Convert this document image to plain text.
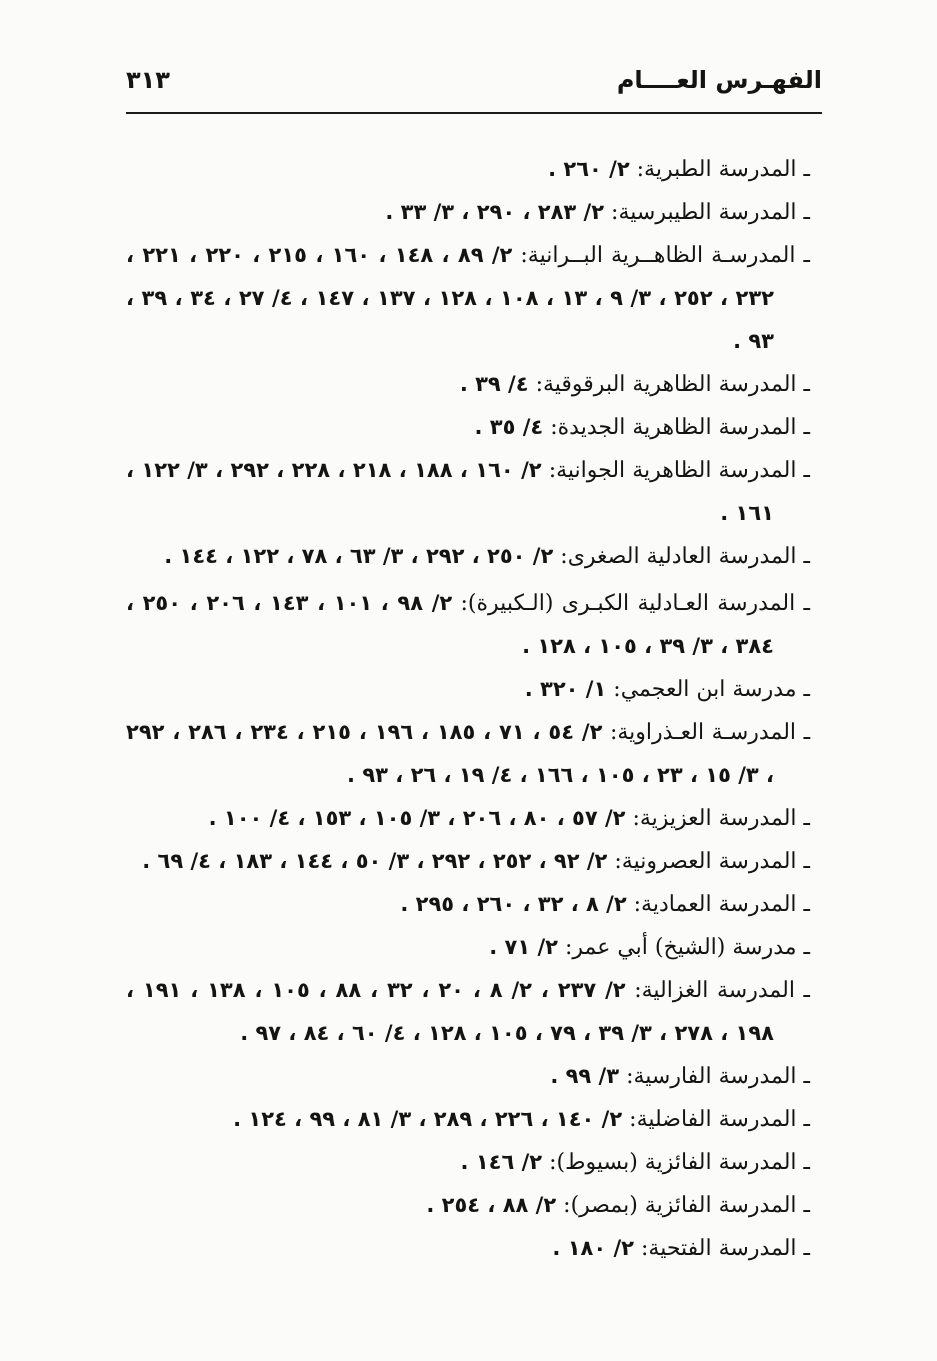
الفهـرس العــــام
٣١٣
ـ المدرسة الطبرية: ٢/ ٢٦٠ .
ـ المدرسة الطيبرسية: ٢/ ٢٨٣ ، ٢٩٠ ، ٣/ ٣٣ .
ـ المدرسـة الظاهــرية البــرانية: ٢/ ٨٩ ، ١٤٨ ، ١٦٠ ، ٢١٥ ، ٢٢٠ ، ٢٢١ ، ٢٣٢ ، ٢٥٢ ، ٣/ ٩ ، ١٣ ، ١٠٨ ، ١٢٨ ، ١٣٧ ، ١٤٧ ، ٤/ ٢٧ ، ٣٤ ، ٣٩ ، ٩٣ .
ـ المدرسة الظاهرية البرقوقية: ٤/ ٣٩ .
ـ المدرسة الظاهرية الجديدة: ٤/ ٣٥ .
ـ المدرسة الظاهرية الجوانية: ٢/ ١٦٠ ، ١٨٨ ، ٢١٨ ، ٢٢٨ ، ٢٩٢ ، ٣/ ١٢٢ ، ١٦١ .
ـ المدرسة العادلية الصغرى: ٢/ ٢٥٠ ، ٢٩٢ ، ٣/ ٦٣ ، ٧٨ ، ١٢٢ ، ١٤٤ .
ـ المدرسة العـادلية الكبـرى (الـكبيرة): ٢/ ٩٨ ، ١٠١ ، ١٤٣ ، ٢٠٦ ، ٢٥٠ ، ٣٨٤ ، ٣/ ٣٩ ، ١٠٥ ، ١٢٨ .
ـ مدرسة ابن العجمي: ١/ ٣٢٠ .
ـ المدرسـة العـذراوية: ٢/ ٥٤ ، ٧١ ، ١٨٥ ، ١٩٦ ، ٢١٥ ، ٢٣٤ ، ٢٨٦ ، ٢٩٢ ، ٣/ ١٥ ، ٢٣ ، ١٠٥ ، ١٦٦ ، ٤/ ١٩ ، ٢٦ ، ٩٣ .
ـ المدرسة العزيزية: ٢/ ٥٧ ، ٨٠ ، ٢٠٦ ، ٣/ ١٠٥ ، ١٥٣ ، ٤/ ١٠٠ .
ـ المدرسة العصرونية: ٢/ ٩٢ ، ٢٥٢ ، ٢٩٢ ، ٣/ ٥٠ ، ١٤٤ ، ١٨٣ ، ٤/ ٦٩ .
ـ المدرسة العمادية: ٢/ ٨ ، ٣٢ ، ٢٦٠ ، ٢٩٥ .
ـ مدرسة (الشيخ) أبي عمر: ٢/ ٧١ .
ـ المدرسة الغزالية: ٢/ ٢٣٧ ، ٢/ ٨ ، ٢٠ ، ٣٢ ، ٨٨ ، ١٠٥ ، ١٣٨ ، ١٩١ ، ١٩٨ ، ٢٧٨ ، ٣/ ٣٩ ، ٧٩ ، ١٠٥ ، ١٢٨ ، ٤/ ٦٠ ، ٨٤ ، ٩٧ .
ـ المدرسة الفارسية: ٣/ ٩٩ .
ـ المدرسة الفاضلية: ٢/ ١٤٠ ، ٢٢٦ ، ٢٨٩ ، ٣/ ٨١ ، ٩٩ ، ١٢٤ .
ـ المدرسة الفائزية (بسيوط): ٢/ ١٤٦ .
ـ المدرسة الفائزية (بمصر): ٢/ ٨٨ ، ٢٥٤ .
ـ المدرسة الفتحية: ٢/ ١٨٠ .
